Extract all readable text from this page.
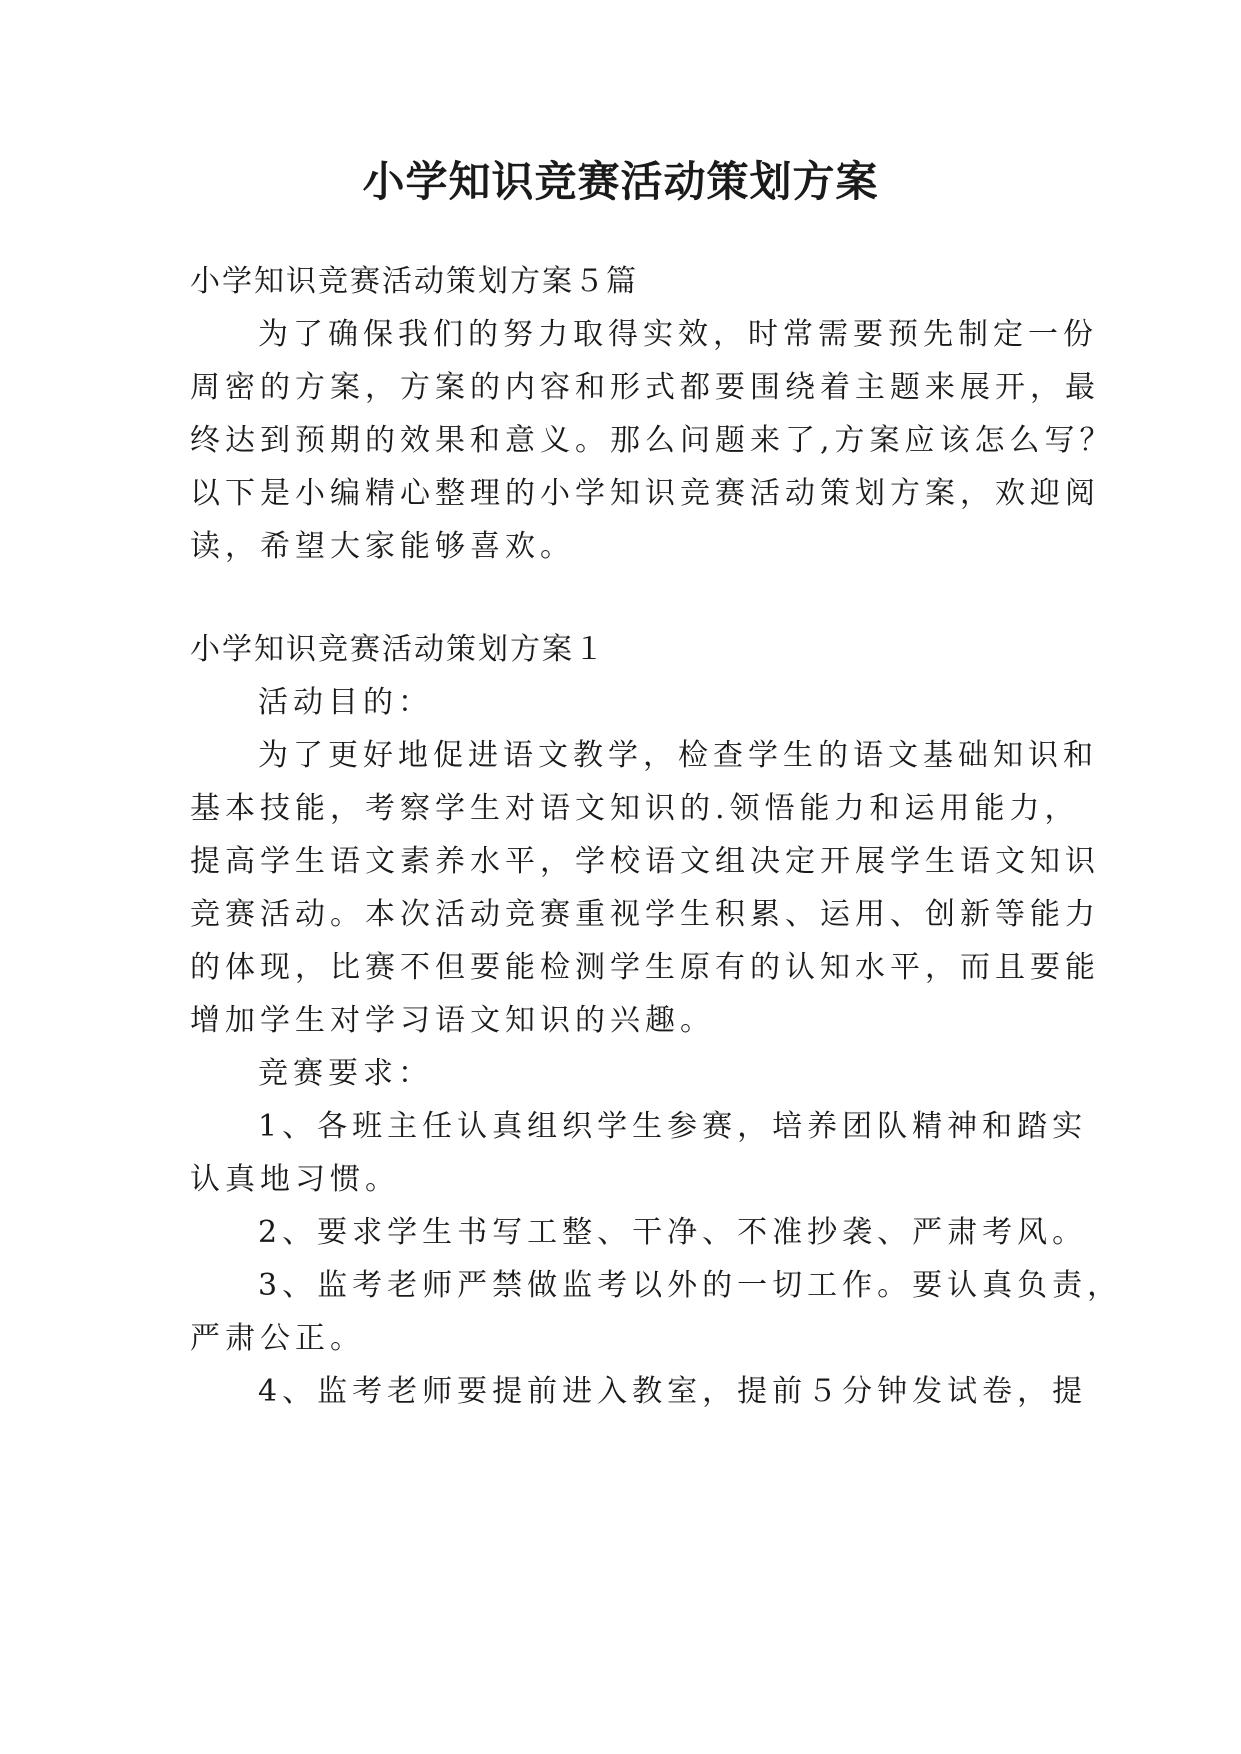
小学知识竞赛活动策划方案
小学知识竞赛活动策划方案５篇
为了确保我们的努力取得实效，时常需要预先制定一份
周密的方案，方案的内容和形式都要围绕着主题来展开，最
终达到预期的效果和意义。那么问题来了,方案应该怎么写？
以下是小编精心整理的小学知识竞赛活动策划方案，欢迎阅
读，希望大家能够喜欢。
小学知识竞赛活动策划方案１
活动目的：
为了更好地促进语文教学，检查学生的语文基础知识和
基本技能，考察学生对语文知识的.领悟能力和运用能力，
提高学生语文素养水平，学校语文组决定开展学生语文知识
竞赛活动。本次活动竞赛重视学生积累、运用、创新等能力
的体现，比赛不但要能检测学生原有的认知水平，而且要能
增加学生对学习语文知识的兴趣。
竞赛要求：
1、各班主任认真组织学生参赛，培养团队精神和踏实
认真地习惯。
2、要求学生书写工整、干净、不准抄袭、严肃考风。
3、监考老师严禁做监考以外的一切工作。要认真负责，
严肃公正。
4、监考老师要提前进入教室，提前５分钟发试卷，提
